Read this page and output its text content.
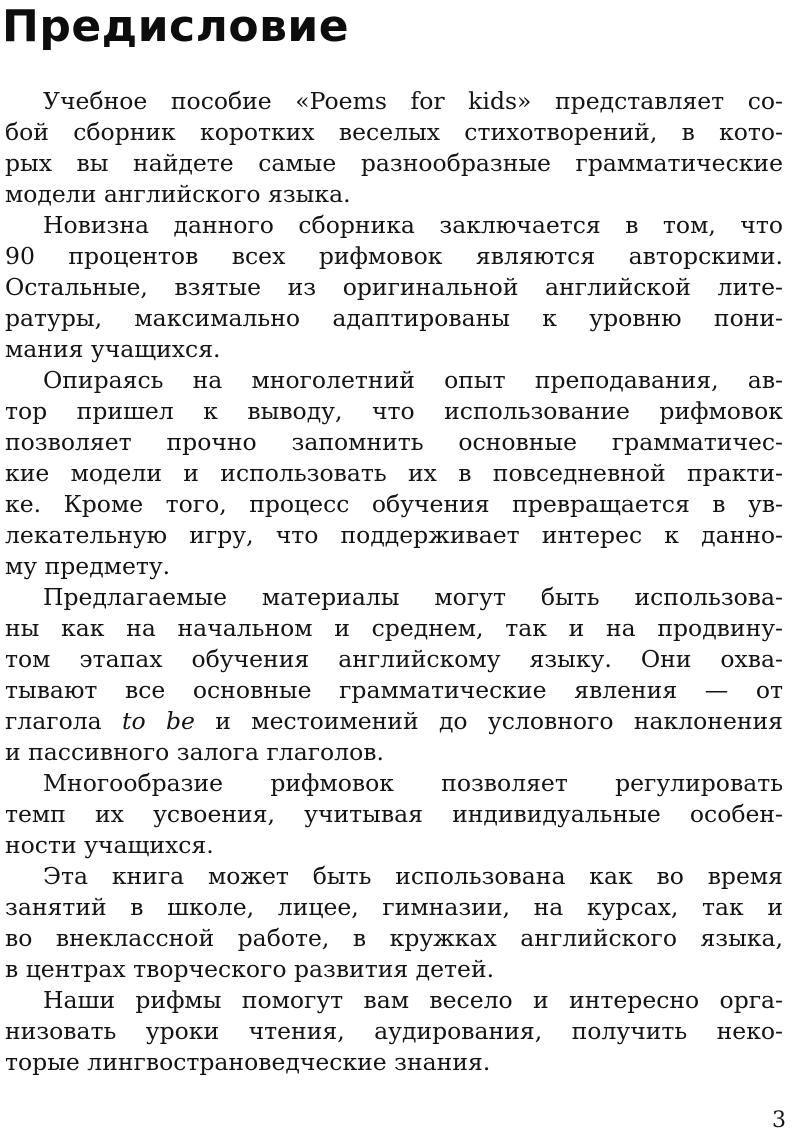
Предисловие
Учебное пособие «Poems for kids» представляет со-
бой сборник коротких веселых стихотворений, в кото-
рых вы найдете самые разнообразные грамматические
модели английского языка.
Новизна данного сборника заключается в том, что
90 процентов всех рифмовок являются авторскими.
Остальные, взятые из оригинальной английской лите-
ратуры, максимально адаптированы к уровню пони-
мания учащихся.
Опираясь на многолетний опыт преподавания, ав-
тор пришел к выводу, что использование рифмовок
позволяет прочно запомнить основные грамматичес-
кие модели и использовать их в повседневной практи-
ке. Кроме того, процесс обучения превращается в ув-
лекательную игру, что поддерживает интерес к данно-
му предмету.
Предлагаемые материалы могут быть использова-
ны как на начальном и среднем, так и на продвину-
том этапах обучения английскому языку. Они охва-
тывают все основные грамматические явления — от
глагола to be и местоимений до условного наклонения
и пассивного залога глаголов.
Многообразие рифмовок позволяет регулировать
темп их усвоения, учитывая индивидуальные особен-
ности учащихся.
Эта книга может быть использована как во время
занятий в школе, лицее, гимназии, на курсах, так и
во внеклассной работе, в кружках английского языка,
в центрах творческого развития детей.
Наши рифмы помогут вам весело и интересно орга-
низовать уроки чтения, аудирования, получить неко-
торые лингвострановедческие знания.
3
